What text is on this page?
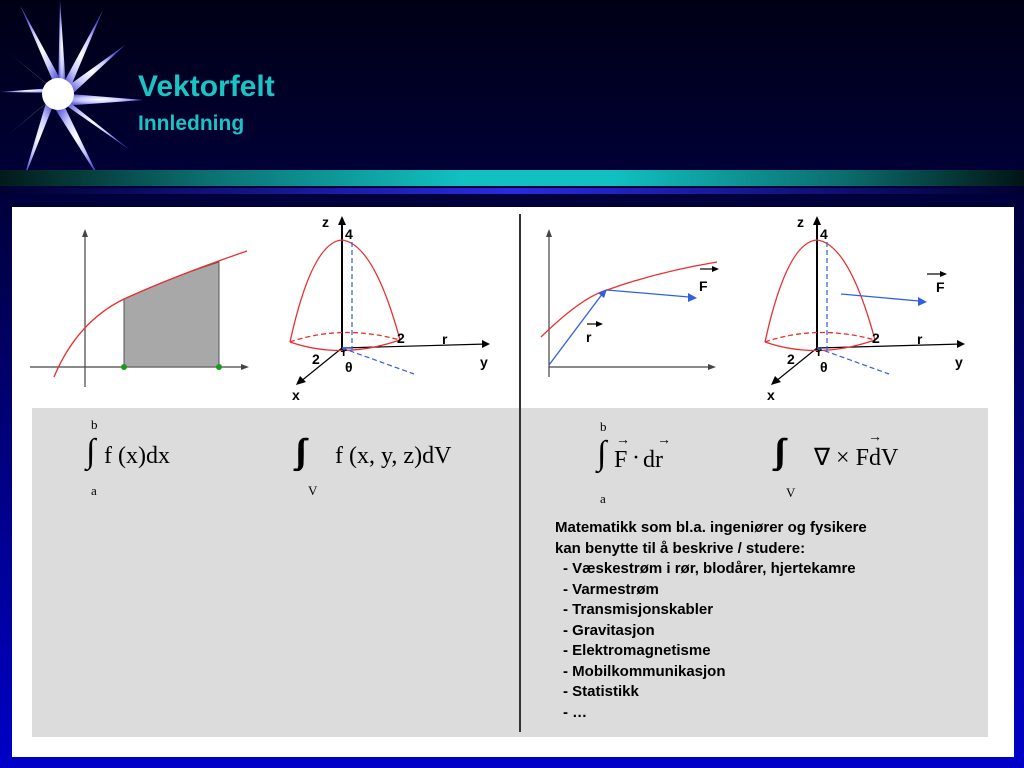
Vektorfelt
Innledning
z
4
2	r
2 r
θ	y
x
F
r
F
z
4
2	r
2 r
θ	y
x
b
∫ f (x)dx
a
∫∫∫ f (x, y, z)dV
V
b
∫ F
→
· dr
→
a
∫∫∫ ∇ × FdV
→
V
Matematikk som bl.a. ingeniører og fysikere
kan benytte til å beskrive / studere:
- Væskestrøm i rør, blodårer, hjertekamre
- Varmestrøm
- Transmisjonskabler
- Gravitasjon
- Elektromagnetisme
- Mobilkommunikasjon
- Statistikk
- …
